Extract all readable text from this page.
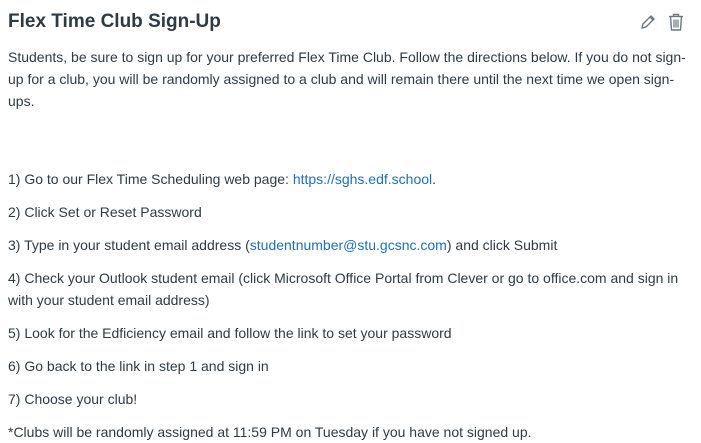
Flex Time Club Sign-Up

Students, be sure to sign up for your preferred Flex Time Club. Follow the directions below. If you do not sign-up for a club, you will be randomly assigned to a club and will remain there until the next time we open sign-ups.

1) Go to our Flex Time Scheduling web page: https://sghs.edf.school.

2) Click Set or Reset Password

3) Type in your student email address (studentnumber@stu.gcsnc.com) and click Submit

4) Check your Outlook student email (click Microsoft Office Portal from Clever or go to office.com and sign in with your student email address)

5) Look for the Edficiency email and follow the link to set your password

6) Go back to the link in step 1 and sign in

7) Choose your club!

*Clubs will be randomly assigned at 11:59 PM on Tuesday if you have not signed up.
